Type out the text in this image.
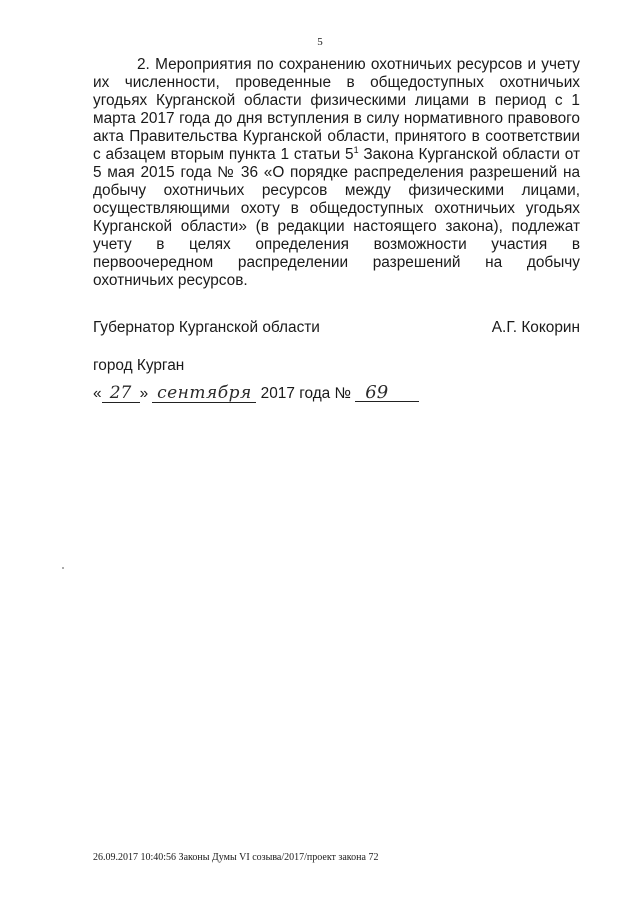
5

2. Мероприятия по сохранению охотничьих ресурсов и учету их численности, проведенные в общедоступных охотничьих угодьях Курганской области физическими лицами в период с 1 марта 2017 года до дня вступления в силу нормативного правового акта Правительства Курганской области, принятого в соответствии с абзацем вторым пункта 1 статьи $5^1$ Закона Курганской области от 5 мая 2015 года № 36 «О порядке распределения разрешений на добычу охотничьих ресурсов между физическими лицами, осуществляющими охоту в общедоступных охотничьих угодьях Курганской области» (в редакции настоящего закона), подлежат учету в целях определения возможности участия в первоочередном распределении разрешений на добычу охотничьих ресурсов.

Губернатор Курганской области	А.Г. Кокорин
город Курган
« 27 » сентября 2017 года № 69
26.09.2017 10:40:56 Законы Думы VI созыва/2017/проект закона 72
